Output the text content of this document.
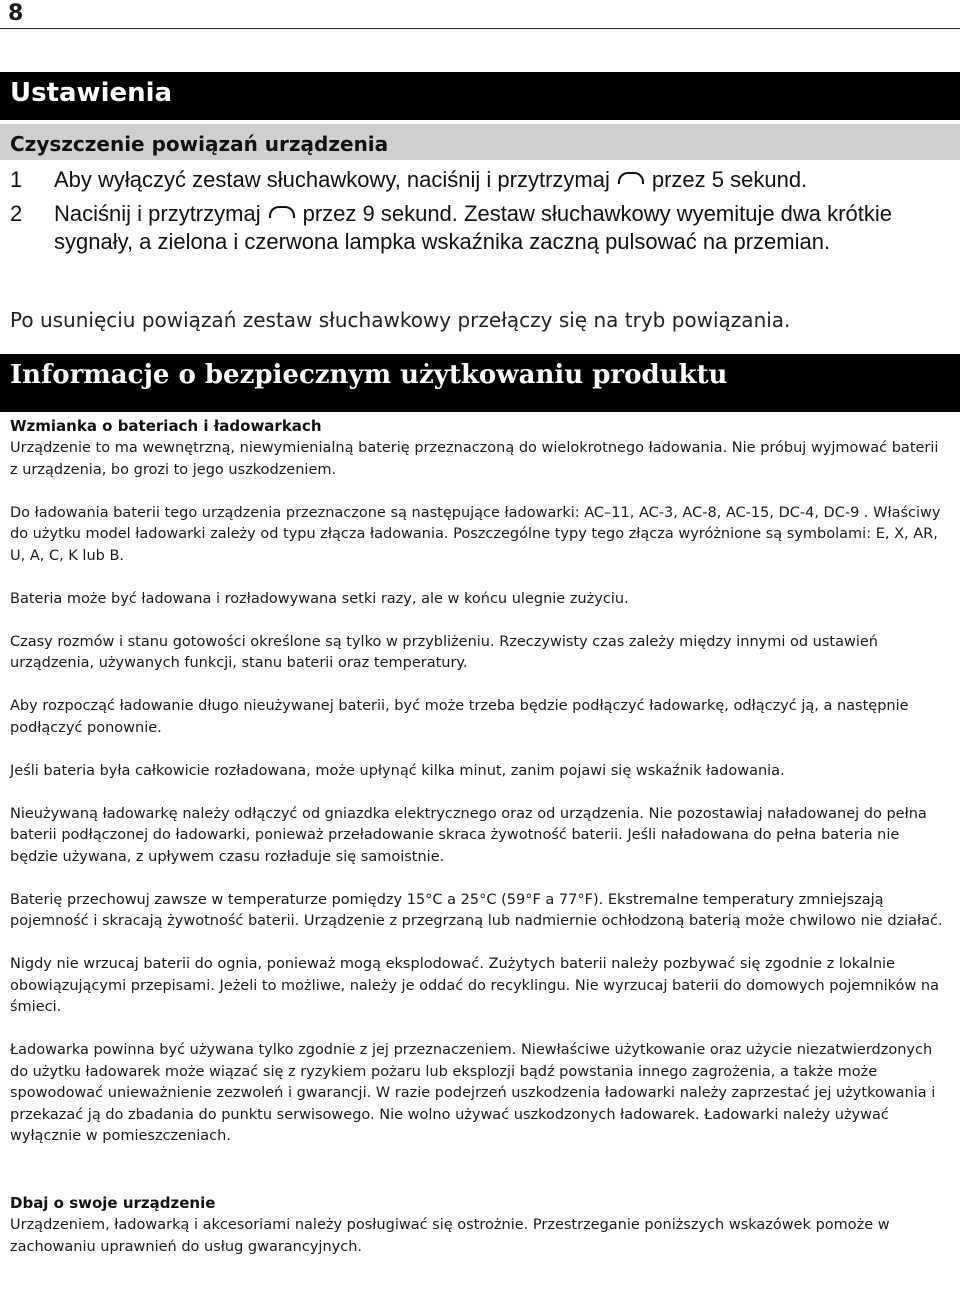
8
Ustawienia
Czyszczenie powiązań urządzenia
1	Aby wyłączyć zestaw słuchawkowy, naciśnij i przytrzymaj przez 5 sekund.
2	Naciśnij i przytrzymaj przez 9 sekund. Zestaw słuchawkowy wyemituje dwa krótkie sygnały, a zielona i czerwona lampka wskaźnika zaczną pulsować na przemian.
Po usunięciu powiązań zestaw słuchawkowy przełączy się na tryb powiązania.
Informacje o bezpiecznym użytkowaniu produktu
Wzmianka o bateriach i ładowarkach

Urządzenie to ma wewnętrzną, niewymienialną baterię przeznaczoną do wielokrotnego ładowania. Nie próbuj wyjmować baterii z urządzenia, bo grozi to jego uszkodzeniem.

Do ładowania baterii tego urządzenia przeznaczone są następujące ładowarki: AC–11, AC-3, AC-8, AC-15, DC-4, DC-9 . Właściwy do użytku model ładowarki zależy od typu złącza ładowania. Poszczególne typy tego złącza wyróżnione są symbolami: E, X, AR, U, A, C, K lub B.

Bateria może być ładowana i rozładowywana setki razy, ale w końcu ulegnie zużyciu.

Czasy rozmów i stanu gotowości określone są tylko w przybliżeniu. Rzeczywisty czas zależy między innymi od ustawień urządzenia, używanych funkcji, stanu baterii oraz temperatury.

Aby rozpocząć ładowanie długo nieużywanej baterii, być może trzeba będzie podłączyć ładowarkę, odłączyć ją, a następnie podłączyć ponownie.

Jeśli bateria była całkowicie rozładowana, może upłynąć kilka minut, zanim pojawi się wskaźnik ładowania.

Nieużywaną ładowarkę należy odłączyć od gniazdka elektrycznego oraz od urządzenia. Nie pozostawiaj naładowanej do pełna baterii podłączonej do ładowarki, ponieważ przeładowanie skraca żywotność baterii. Jeśli naładowana do pełna bateria nie będzie używana, z upływem czasu rozładuje się samoistnie.

Baterię przechowuj zawsze w temperaturze pomiędzy 15°C a 25°C (59°F a 77°F). Ekstremalne temperatury zmniejszają pojemność i skracają żywotność baterii. Urządzenie z przegrzaną lub nadmiernie ochłodzoną baterią może chwilowo nie działać.

Nigdy nie wrzucaj baterii do ognia, ponieważ mogą eksplodować. Zużytych baterii należy pozbywać się zgodnie z lokalnie obowiązującymi przepisami. Jeżeli to możliwe, należy je oddać do recyklingu. Nie wyrzucaj baterii do domowych pojemników na śmieci.

Ładowarka powinna być używana tylko zgodnie z jej przeznaczeniem. Niewłaściwe użytkowanie oraz użycie niezatwierdzonych do użytku ładowarek może wiązać się z ryzykiem pożaru lub eksplozji bądź powstania innego zagrożenia, a także może spowodować unieważnienie zezwoleń i gwarancji. W razie podejrzeń uszkodzenia ładowarki należy zaprzestać jej użytkowania i przekazać ją do zbadania do punktu serwisowego. Nie wolno używać uszkodzonych ładowarek. Ładowarki należy używać wyłącznie w pomieszczeniach.

Dbaj o swoje urządzenie

Urządzeniem, ładowarką i akcesoriami należy posługiwać się ostrożnie. Przestrzeganie poniższych wskazówek pomoże w zachowaniu uprawnień do usług gwarancyjnych.
